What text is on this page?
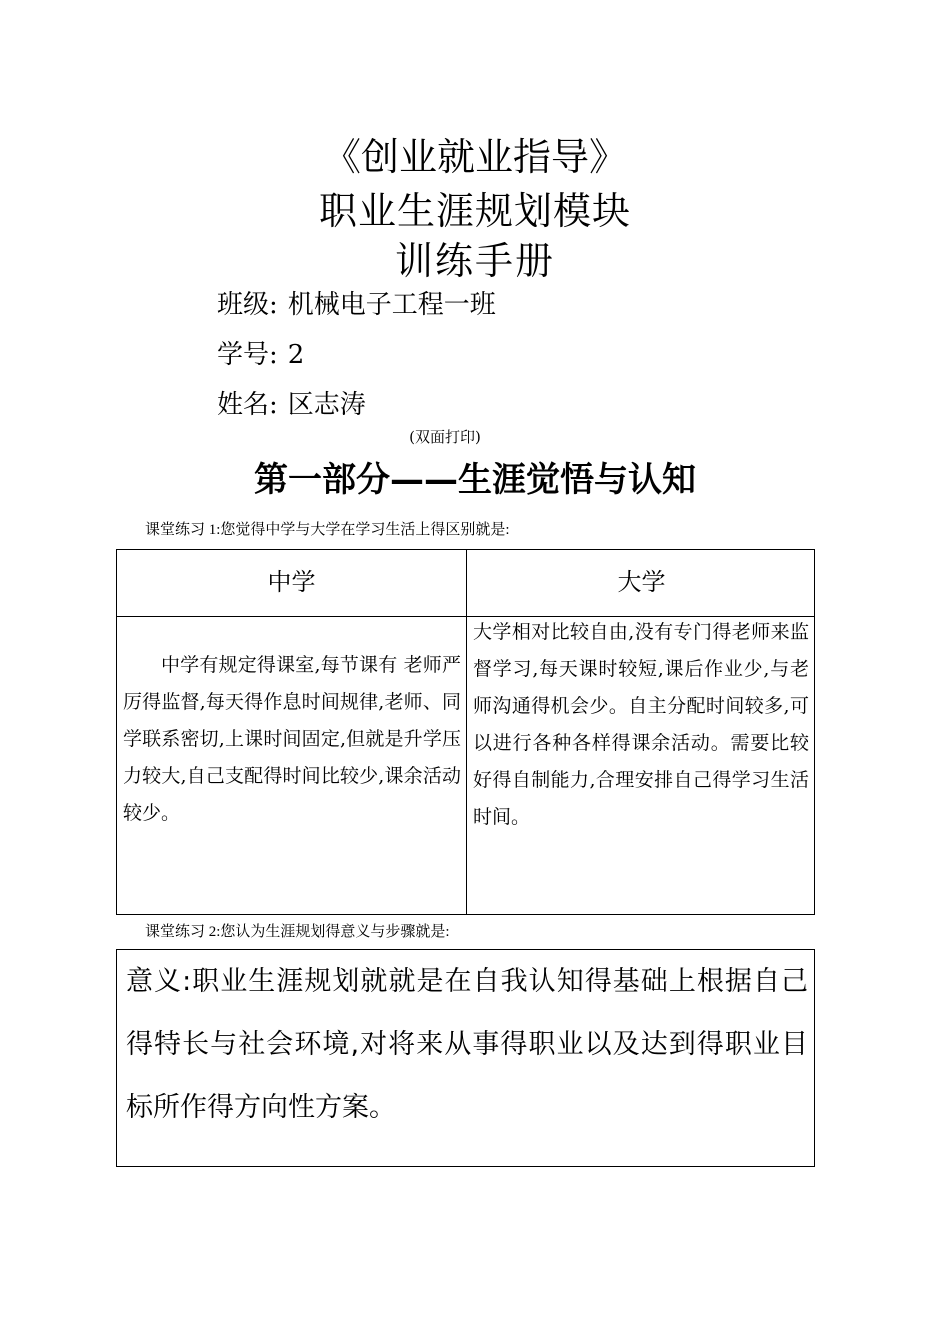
《创业就业指导》
职业生涯规划模块
训练手册
班级: 机械电子工程一班
学号: 2
姓名: 区志涛
(双面打印)
第一部分——生涯觉悟与认知
课堂练习 1:您觉得中学与大学在学习生活上得区别就是:
中学	大学
中学有规定得课室,每节课有 老师严厉得监督,每天得作息时间规律,老师、同学联系密切,上课时间固定,但就是升学压力较大,自己支配得时间比较少,课余活动较少。
大学相对比较自由,没有专门得老师来监督学习,每天课时较短,课后作业少,与老师沟通得机会少。自主分配时间较多,可以进行各种各样得课余活动。需要比较好得自制能力,合理安排自己得学习生活时间。
课堂练习 2:您认为生涯规划得意义与步骤就是:
意义:职业生涯规划就就是在自我认知得基础上根据自己得特长与社会环境,对将来从事得职业以及达到得职业目标所作得方向性方案。
